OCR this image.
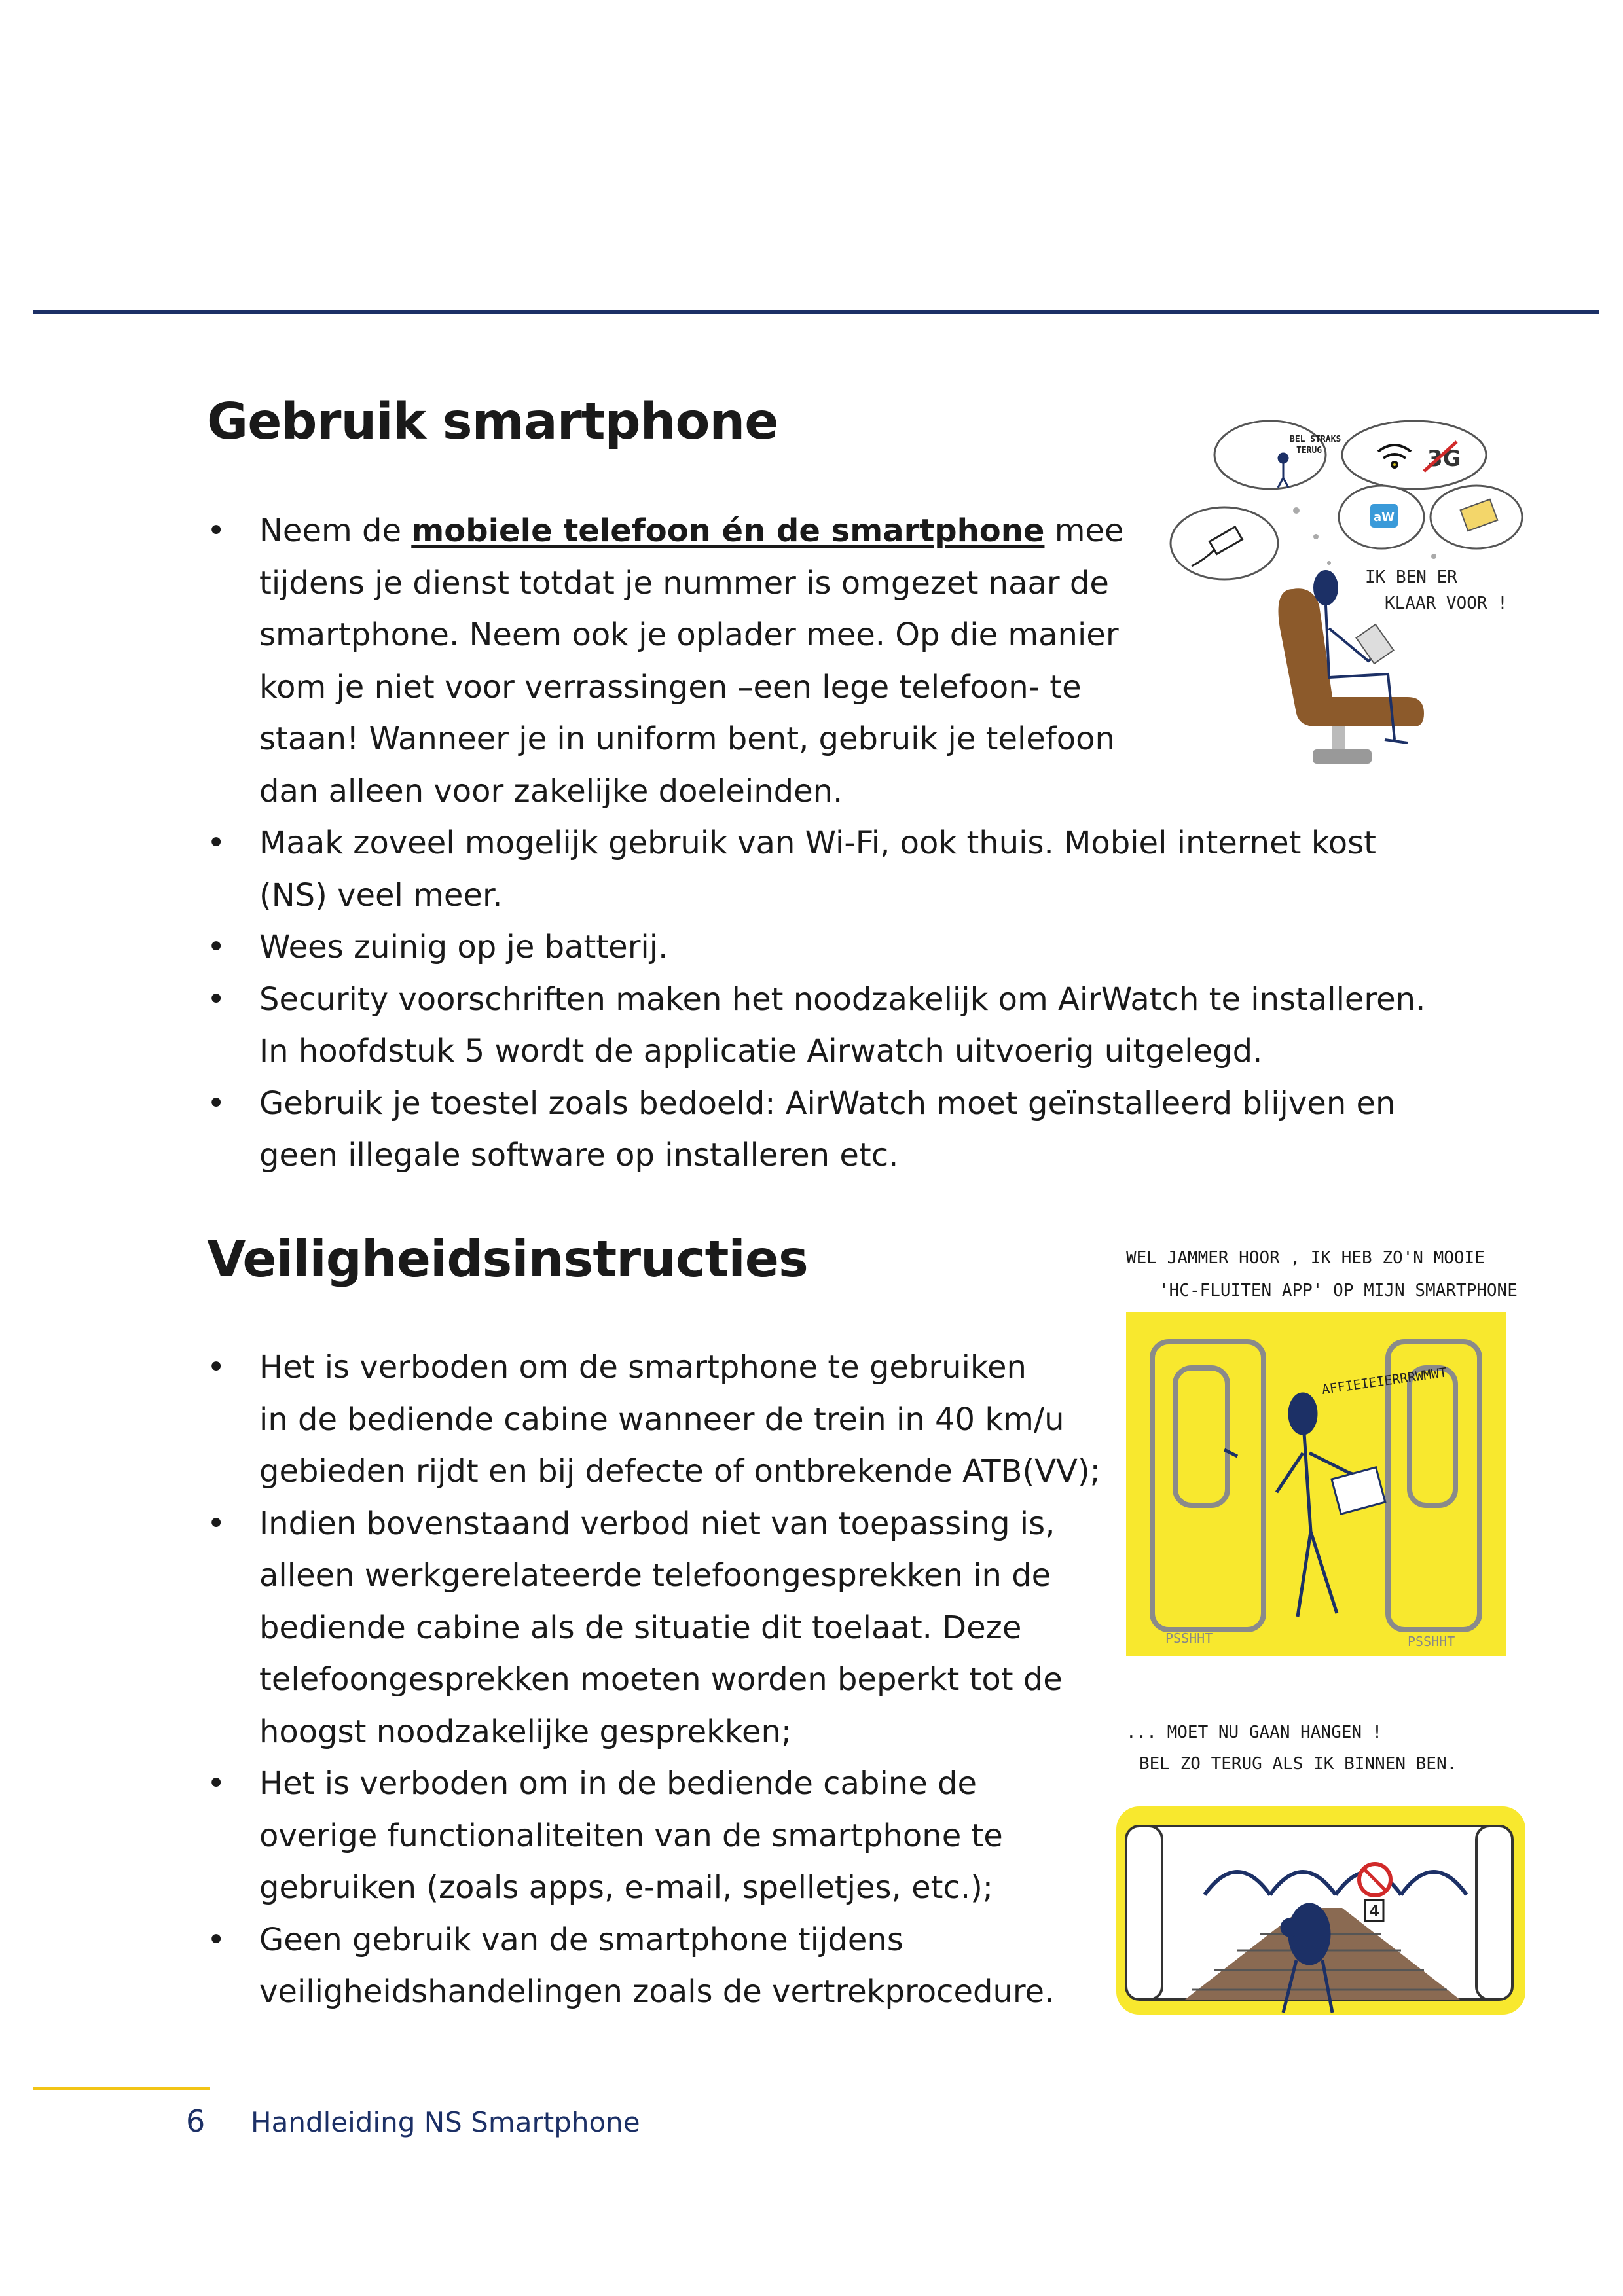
Gebruik smartphone
• Neem de mobiele telefoon én de smartphone mee
tijdens je dienst totdat je nummer is omgezet naar de
smartphone. Neem ook je oplader mee. Op die manier
kom je niet voor verrassingen –een lege telefoon- te
staan! Wanneer je in uniform bent, gebruik je telefoon
dan alleen voor zakelijke doeleinden.
• Maak zoveel mogelijk gebruik van Wi-Fi, ook thuis. Mobiel internet kost
(NS) veel meer.
• Wees zuinig op je batterij.
• Security voorschriften maken het noodzakelijk om AirWatch te installeren.
In hoofdstuk 5 wordt de applicatie Airwatch uitvoerig uitgelegd.
• Gebruik je toestel zoals bedoeld: AirWatch moet geïnstalleerd blijven en
geen illegale software op installeren etc.
BEL STRAKS
TERUG	3G
aW
IK BEN ER
KLAAR VOOR !
Veiligheidsinstructies
• Het is verboden om de smartphone te gebruiken
in de bediende cabine wanneer de trein in 40 km/u
gebieden rijdt en bij defecte of ontbrekende ATB(VV);
• Indien bovenstaand verbod niet van toepassing is,
alleen werkgerelateerde telefoongesprekken in de
bediende cabine als de situatie dit toelaat. Deze
telefoongesprekken moeten worden beperkt tot de
hoogst noodzakelijke gesprekken;
• Het is verboden om in de bediende cabine de
overige functionaliteiten van de smartphone te
gebruiken (zoals apps, e-mail, spelletjes, etc.);
• Geen gebruik van de smartphone tijdens
veiligheidshandelingen zoals de vertrekprocedure.
WEL JAMMER HOOR , IK HEB ZO'N MOOIE
'HC-FLUITEN APP' OP MIJN SMARTPHONE
AFFIEIEIERRRWMWT
PSSHHT	PSSHHT
... MOET NU GAAN HANGEN !
BEL ZO TERUG ALS IK BINNEN BEN.
4
6 Handleiding NS Smartphone
